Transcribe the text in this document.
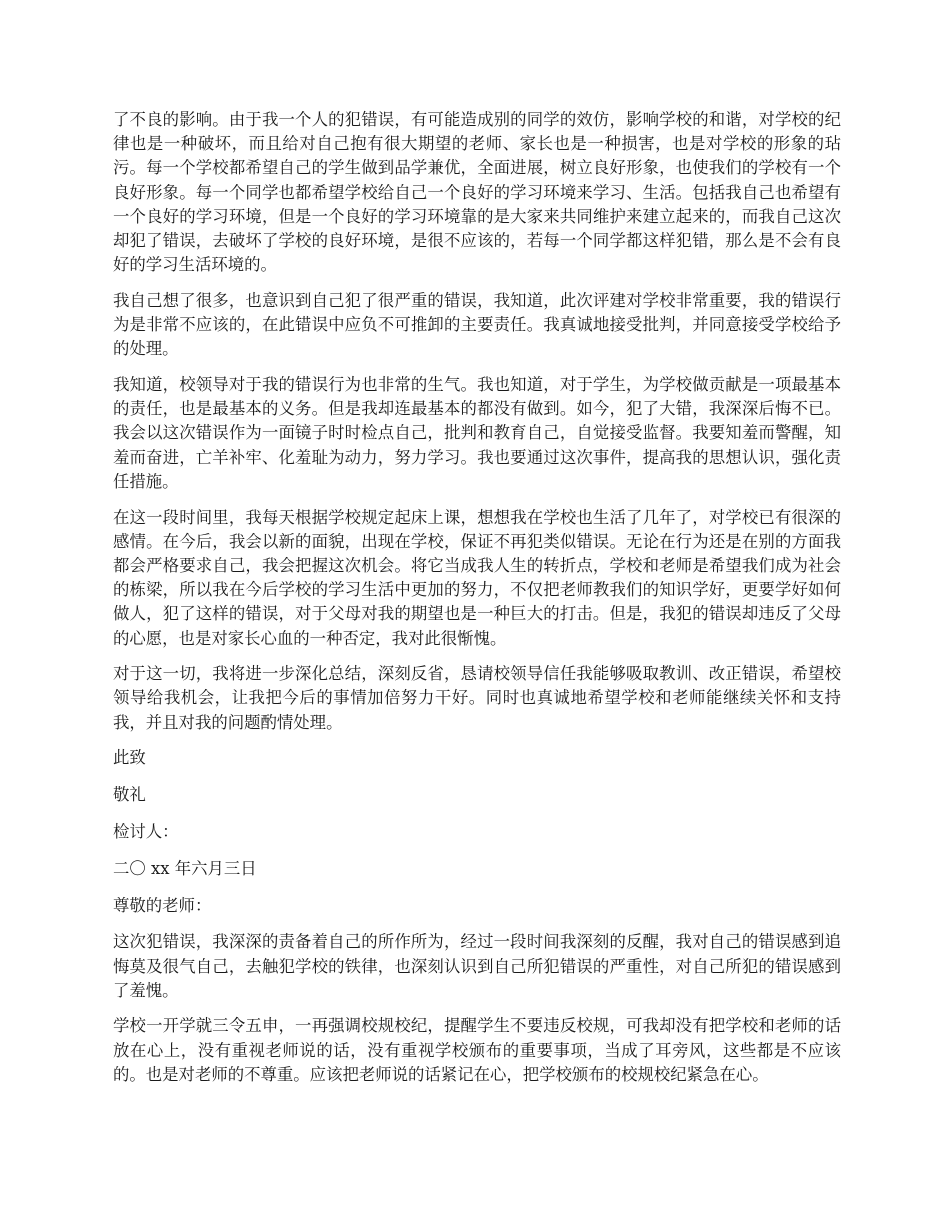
了不良的影响。由于我一个人的犯错误，有可能造成别的同学的效仿，影响学校的和谐，对学校的纪律也是一种破坏，而且给对自己抱有很大期望的老师、家长也是一种损害，也是对学校的形象的玷污。每一个学校都希望自己的学生做到品学兼优，全面进展，树立良好形象，也使我们的学校有一个良好形象。每一个同学也都希望学校给自己一个良好的学习环境来学习、生活。包括我自己也希望有一个良好的学习环境，但是一个良好的学习环境靠的是大家来共同维护来建立起来的，而我自己这次却犯了错误，去破坏了学校的良好环境，是很不应该的，若每一个同学都这样犯错，那么是不会有良好的学习生活环境的。

我自己想了很多，也意识到自己犯了很严重的错误，我知道，此次评建对学校非常重要，我的错误行为是非常不应该的，在此错误中应负不可推卸的主要责任。我真诚地接受批判，并同意接受学校给予的处理。

我知道，校领导对于我的错误行为也非常的生气。我也知道，对于学生，为学校做贡献是一项最基本的责任，也是最基本的义务。但是我却连最基本的都没有做到。如今，犯了大错，我深深后悔不已。我会以这次错误作为一面镜子时时检点自己，批判和教育自己，自觉接受监督。我要知羞而警醒，知羞而奋进，亡羊补牢、化羞耻为动力，努力学习。我也要通过这次事件，提高我的思想认识，强化责任措施。

在这一段时间里，我每天根据学校规定起床上课，想想我在学校也生活了几年了，对学校已有很深的感情。在今后，我会以新的面貌，出现在学校，保证不再犯类似错误。无论在行为还是在别的方面我都会严格要求自己，我会把握这次机会。将它当成我人生的转折点，学校和老师是希望我们成为社会的栋梁，所以我在今后学校的学习生活中更加的努力，不仅把老师教我们的知识学好，更要学好如何做人，犯了这样的错误，对于父母对我的期望也是一种巨大的打击。但是，我犯的错误却违反了父母的心愿，也是对家长心血的一种否定，我对此很惭愧。

对于这一切，我将进一步深化总结，深刻反省，恳请校领导信任我能够吸取教训、改正错误，希望校领导给我机会，让我把今后的事情加倍努力干好。同时也真诚地希望学校和老师能继续关怀和支持我，并且对我的问题酌情处理。

此致

敬礼

检讨人：

二〇 xx 年六月三日

尊敬的老师：

这次犯错误，我深深的责备着自己的所作所为，经过一段时间我深刻的反醒，我对自己的错误感到追悔莫及很气自己，去触犯学校的铁律，也深刻认识到自己所犯错误的严重性，对自己所犯的错误感到了羞愧。

学校一开学就三令五申，一再强调校规校纪，提醒学生不要违反校规，可我却没有把学校和老师的话放在心上，没有重视老师说的话，没有重视学校颁布的重要事项，当成了耳旁风，这些都是不应该的。也是对老师的不尊重。应该把老师说的话紧记在心，把学校颁布的校规校纪紧急在心。
